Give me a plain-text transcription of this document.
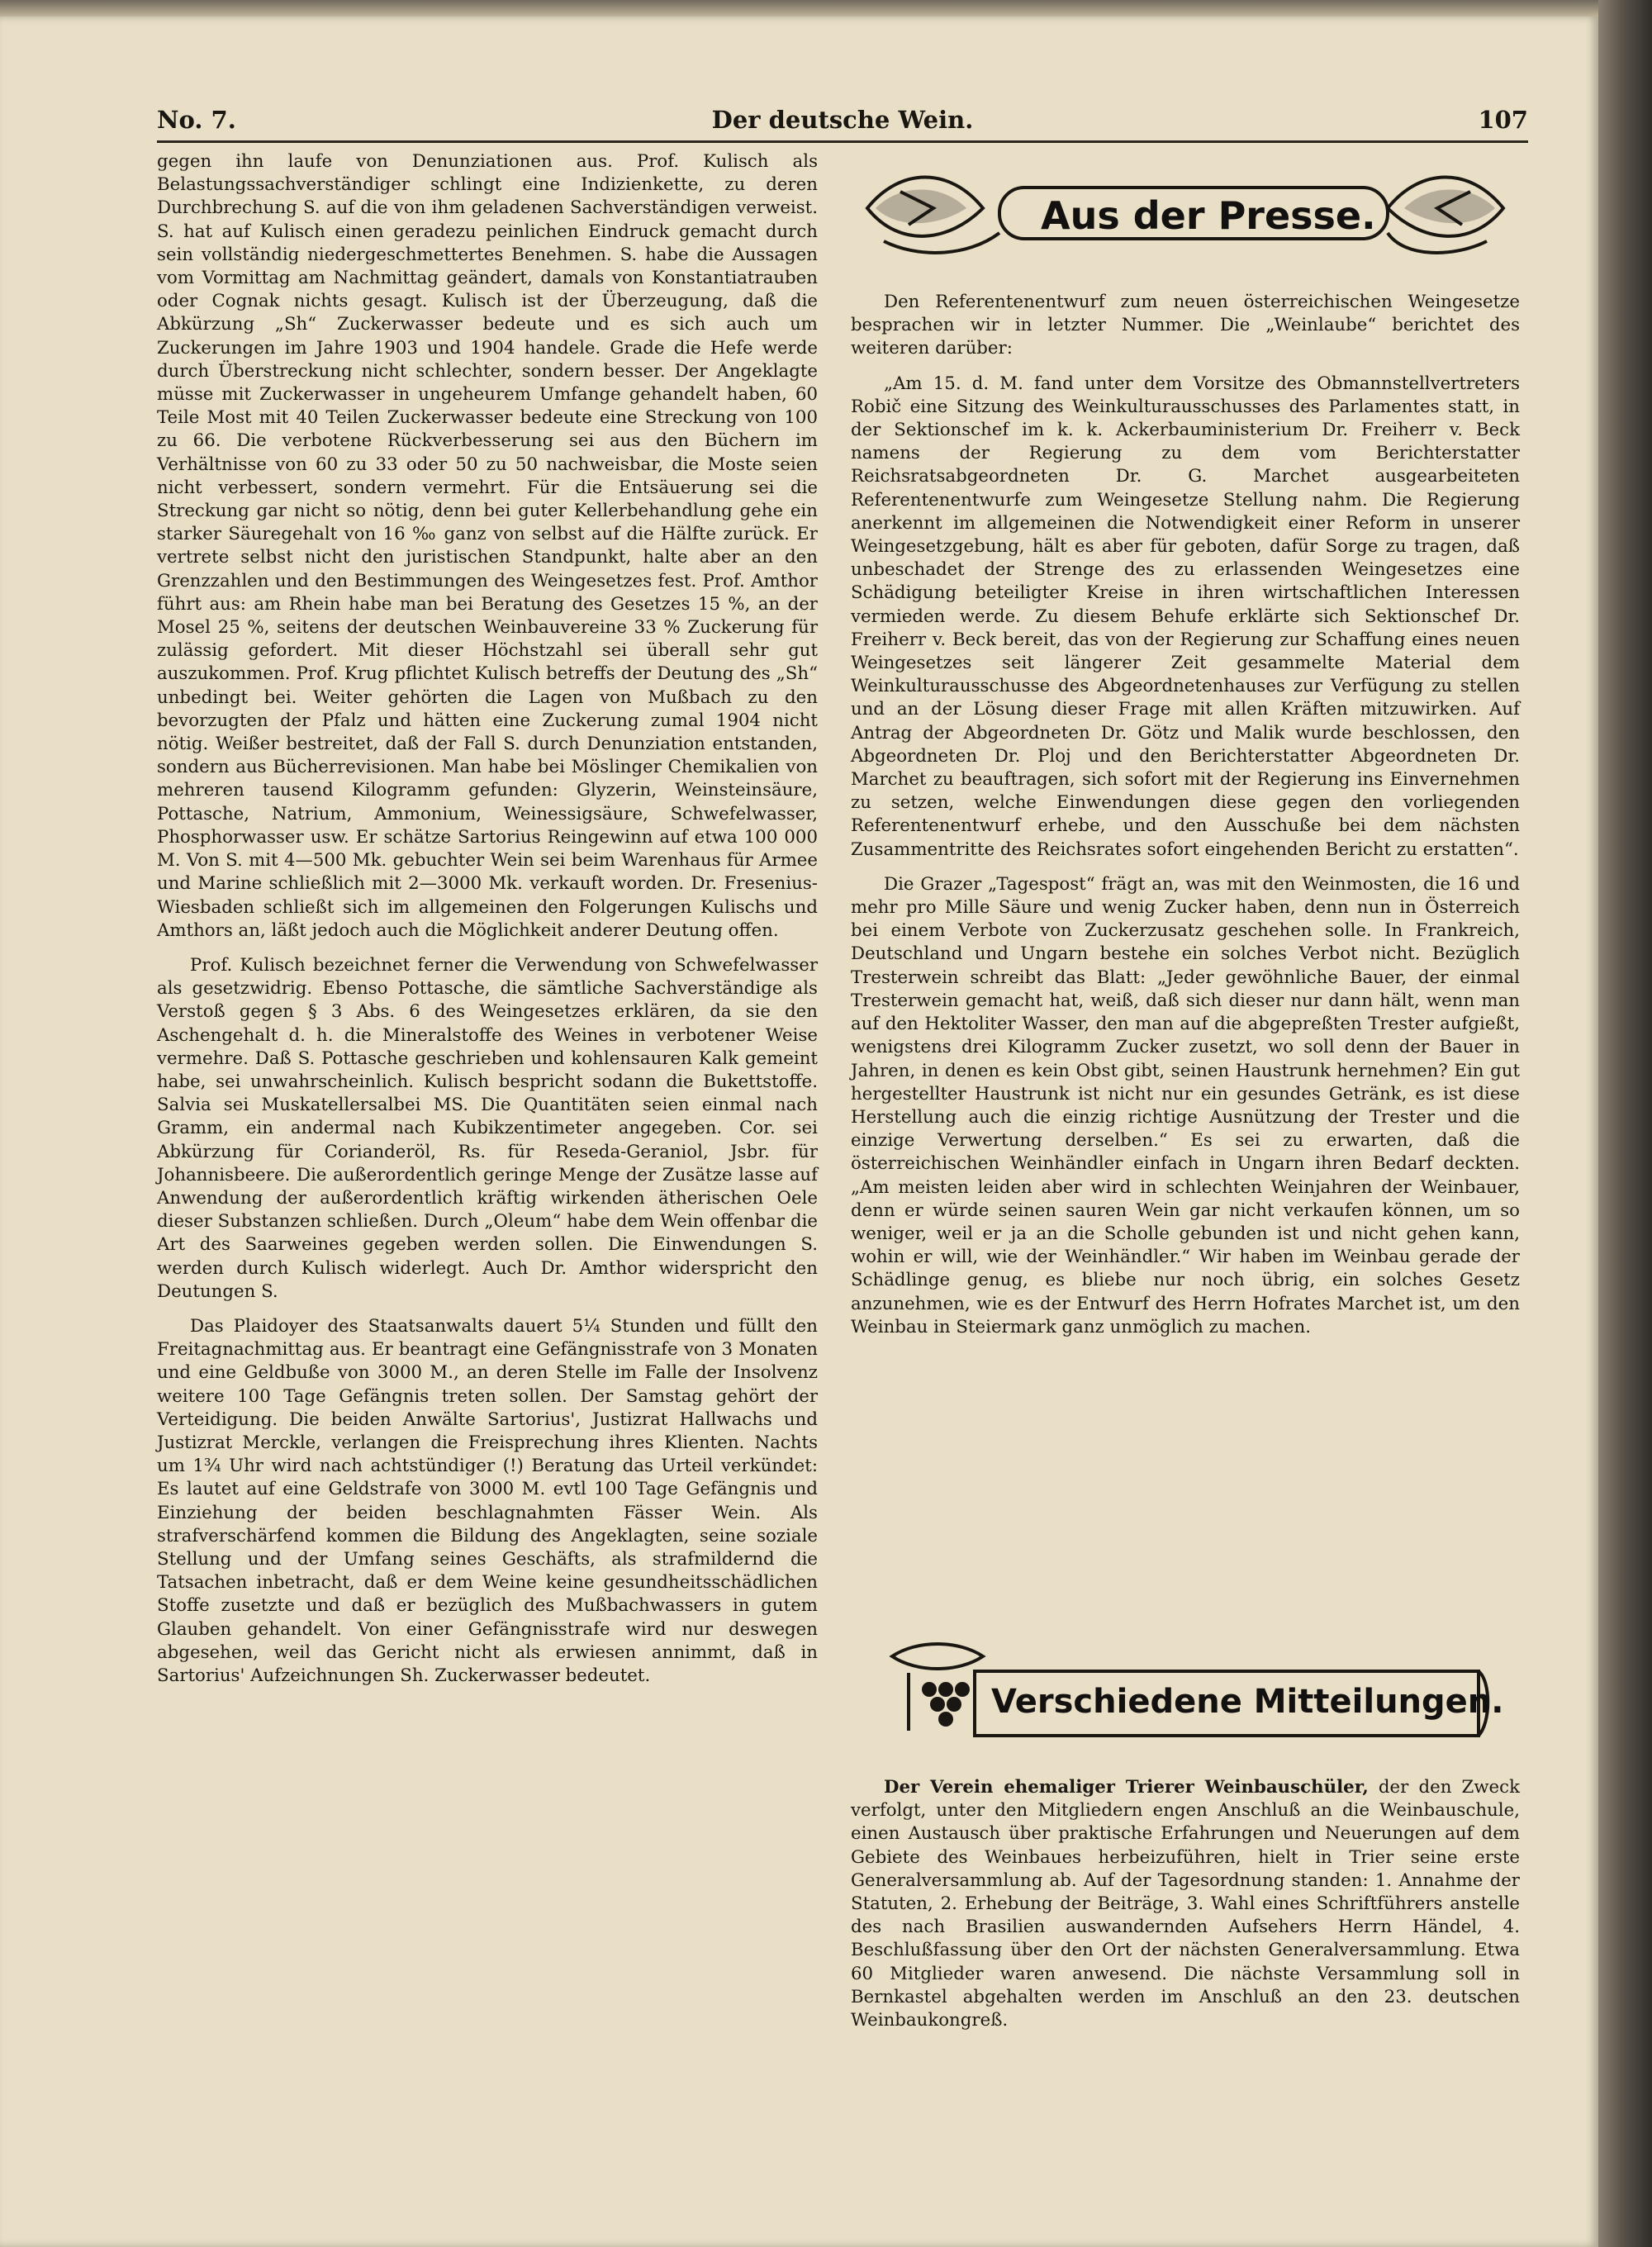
No. 7.	Der deutsche Wein.	107

gegen ihn laufe von Denunziationen aus. Prof. Kulisch als Belastungssachverständiger schlingt eine Indizienkette, zu deren Durchbrechung S. auf die von ihm geladenen Sachverständigen verweist. S. hat auf Kulisch einen geradezu peinlichen Eindruck gemacht durch sein vollständig niedergeschmettertes Benehmen. S. habe die Aussagen vom Vormittag am Nachmittag geändert, damals von Konstantiatrauben oder Cognak nichts gesagt. Kulisch ist der Überzeugung, daß die Abkürzung „Sh“ Zuckerwasser bedeute und es sich auch um Zuckerungen im Jahre 1903 und 1904 handele. Grade die Hefe werde durch Überstreckung nicht schlechter, sondern besser. Der Angeklagte müsse mit Zuckerwasser in ungeheurem Umfange gehandelt haben, 60 Teile Most mit 40 Teilen Zuckerwasser bedeute eine Streckung von 100 zu 66. Die verbotene Rückverbesserung sei aus den Büchern im Verhältnisse von 60 zu 33 oder 50 zu 50 nachweisbar, die Moste seien nicht verbessert, sondern vermehrt. Für die Entsäuerung sei die Streckung gar nicht so nötig, denn bei guter Kellerbehandlung gehe ein starker Säuregehalt von 16 ‰ ganz von selbst auf die Hälfte zurück. Er vertrete selbst nicht den juristischen Standpunkt, halte aber an den Grenzzahlen und den Bestimmungen des Weingesetzes fest. Prof. Amthor führt aus: am Rhein habe man bei Beratung des Gesetzes 15 %, an der Mosel 25 %, seitens der deutschen Weinbauvereine 33 % Zuckerung für zulässig gefordert. Mit dieser Höchstzahl sei überall sehr gut auszukommen. Prof. Krug pflichtet Kulisch betreffs der Deutung des „Sh“ unbedingt bei. Weiter gehörten die Lagen von Mußbach zu den bevorzugten der Pfalz und hätten eine Zuckerung zumal 1904 nicht nötig. Weißer bestreitet, daß der Fall S. durch Denunziation entstanden, sondern aus Bücherrevisionen. Man habe bei Möslinger Chemikalien von mehreren tausend Kilogramm gefunden: Glyzerin, Weinsteinsäure, Pottasche, Natrium, Ammonium, Weinessigsäure, Schwefelwasser, Phosphorwasser usw. Er schätze Sartorius Reingewinn auf etwa 100 000 M. Von S. mit 4—500 Mk. gebuchter Wein sei beim Warenhaus für Armee und Marine schließlich mit 2—3000 Mk. verkauft worden. Dr. Fresenius-Wiesbaden schließt sich im allgemeinen den Folgerungen Kulischs und Amthors an, läßt jedoch auch die Möglichkeit anderer Deutung offen.

Prof. Kulisch bezeichnet ferner die Verwendung von Schwefelwasser als gesetzwidrig. Ebenso Pottasche, die sämtliche Sachverständige als Verstoß gegen § 3 Abs. 6 des Weingesetzes erklären, da sie den Aschengehalt d. h. die Mineralstoffe des Weines in verbotener Weise vermehre. Daß S. Pottasche geschrieben und kohlensauren Kalk gemeint habe, sei unwahrscheinlich. Kulisch bespricht sodann die Bukettstoffe. Salvia sei Muskatellersalbei MS. Die Quantitäten seien einmal nach Gramm, ein andermal nach Kubikzentimeter angegeben. Cor. sei Abkürzung für Corianderöl, Rs. für Reseda-Geraniol, Jsbr. für Johannisbeere. Die außerordentlich geringe Menge der Zusätze lasse auf Anwendung der außerordentlich kräftig wirkenden ätherischen Oele dieser Substanzen schließen. Durch „Oleum“ habe dem Wein offenbar die Art des Saarweines gegeben werden sollen. Die Einwendungen S. werden durch Kulisch widerlegt. Auch Dr. Amthor widerspricht den Deutungen S.

Das Plaidoyer des Staatsanwalts dauert 5¼ Stunden und füllt den Freitagnachmittag aus. Er beantragt eine Gefängnisstrafe von 3 Monaten und eine Geldbuße von 3000 M., an deren Stelle im Falle der Insolvenz weitere 100 Tage Gefängnis treten sollen. Der Samstag gehört der Verteidigung. Die beiden Anwälte Sartorius', Justizrat Hallwachs und Justizrat Merckle, verlangen die Freisprechung ihres Klienten. Nachts um 1¾ Uhr wird nach achtstündiger (!) Beratung das Urteil verkündet: Es lautet auf eine Geldstrafe von 3000 M. evtl 100 Tage Gefängnis und Einziehung der beiden beschlagnahmten Fässer Wein. Als strafverschärfend kommen die Bildung des Angeklagten, seine soziale Stellung und der Umfang seines Geschäfts, als strafmildernd die Tatsachen inbetracht, daß er dem Weine keine gesundheitsschädlichen Stoffe zusetzte und daß er bezüglich des Mußbachwassers in gutem Glauben gehandelt. Von einer Gefängnisstrafe wird nur deswegen abgesehen, weil das Gericht nicht als erwiesen annimmt, daß in Sartorius' Aufzeichnungen Sh. Zuckerwasser bedeutet.

Aus der Presse.

Den Referentenentwurf zum neuen österreichischen Weingesetze besprachen wir in letzter Nummer. Die „Weinlaube“ berichtet des weiteren darüber:

„Am 15. d. M. fand unter dem Vorsitze des Obmannstellvertreters Robič eine Sitzung des Weinkulturausschusses des Parlamentes statt, in der Sektionschef im k. k. Ackerbauministerium Dr. Freiherr v. Beck namens der Regierung zu dem vom Berichterstatter Reichsratsabgeordneten Dr. G. Marchet ausgearbeiteten Referentenentwurfe zum Weingesetze Stellung nahm. Die Regierung anerkennt im allgemeinen die Notwendigkeit einer Reform in unserer Weingesetzgebung, hält es aber für geboten, dafür Sorge zu tragen, daß unbeschadet der Strenge des zu erlassenden Weingesetzes eine Schädigung beteiligter Kreise in ihren wirtschaftlichen Interessen vermieden werde. Zu diesem Behufe erklärte sich Sektionschef Dr. Freiherr v. Beck bereit, das von der Regierung zur Schaffung eines neuen Weingesetzes seit längerer Zeit gesammelte Material dem Weinkulturausschusse des Abgeordnetenhauses zur Verfügung zu stellen und an der Lösung dieser Frage mit allen Kräften mitzuwirken. Auf Antrag der Abgeordneten Dr. Götz und Malik wurde beschlossen, den Abgeordneten Dr. Ploj und den Berichterstatter Abgeordneten Dr. Marchet zu beauftragen, sich sofort mit der Regierung ins Einvernehmen zu setzen, welche Einwendungen diese gegen den vorliegenden Referentenentwurf erhebe, und den Ausschuße bei dem nächsten Zusammentritte des Reichsrates sofort eingehenden Bericht zu erstatten“.

Die Grazer „Tagespost“ frägt an, was mit den Weinmosten, die 16 und mehr pro Mille Säure und wenig Zucker haben, denn nun in Österreich bei einem Verbote von Zuckerzusatz geschehen solle. In Frankreich, Deutschland und Ungarn bestehe ein solches Verbot nicht. Bezüglich Tresterwein schreibt das Blatt: „Jeder gewöhnliche Bauer, der einmal Tresterwein gemacht hat, weiß, daß sich dieser nur dann hält, wenn man auf den Hektoliter Wasser, den man auf die abgepreßten Trester aufgießt, wenigstens drei Kilogramm Zucker zusetzt, wo soll denn der Bauer in Jahren, in denen es kein Obst gibt, seinen Haustrunk hernehmen? Ein gut hergestellter Haustrunk ist nicht nur ein gesundes Getränk, es ist diese Herstellung auch die einzig richtige Ausnützung der Trester und die einzige Verwertung derselben.“ Es sei zu erwarten, daß die österreichischen Weinhändler einfach in Ungarn ihren Bedarf deckten. „Am meisten leiden aber wird in schlechten Weinjahren der Weinbauer, denn er würde seinen sauren Wein gar nicht verkaufen können, um so weniger, weil er ja an die Scholle gebunden ist und nicht gehen kann, wohin er will, wie der Weinhändler.“ Wir haben im Weinbau gerade der Schädlinge genug, es bliebe nur noch übrig, ein solches Gesetz anzunehmen, wie es der Entwurf des Herrn Hofrates Marchet ist, um den Weinbau in Steiermark ganz unmöglich zu machen.

Verschiedene Mitteilungen.

Der Verein ehemaliger Trierer Weinbauschüler, der den Zweck verfolgt, unter den Mitgliedern engen Anschluß an die Weinbauschule, einen Austausch über praktische Erfahrungen und Neuerungen auf dem Gebiete des Weinbaues herbeizuführen, hielt in Trier seine erste Generalversammlung ab. Auf der Tagesordnung standen: 1. Annahme der Statuten, 2. Erhebung der Beiträge, 3. Wahl eines Schriftführers anstelle des nach Brasilien auswandernden Aufsehers Herrn Händel, 4. Beschlußfassung über den Ort der nächsten Generalversammlung. Etwa 60 Mitglieder waren anwesend. Die nächste Versammlung soll in Bernkastel abgehalten werden im Anschluß an den 23. deutschen Weinbaukongreß.
